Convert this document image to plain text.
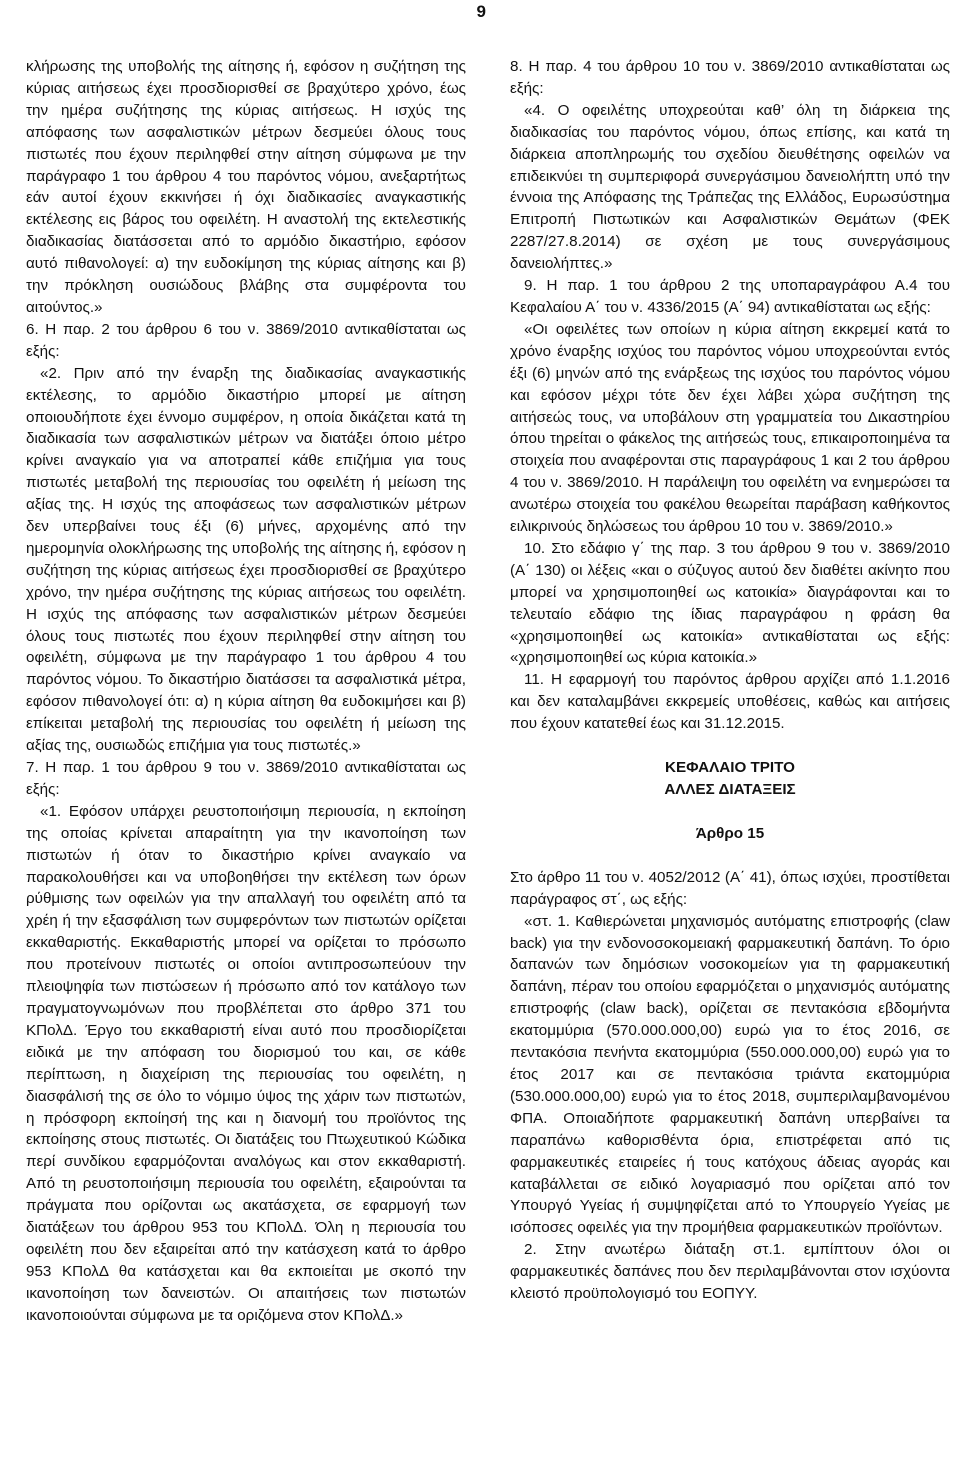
9

κλήρωσης της υποβολής της αίτησης ή, εφόσον η συζήτηση της κύριας αιτήσεως έχει προσδιορισθεί σε βραχύτερο χρόνο, έως την ημέρα συζήτησης της κύριας αιτήσεως. Η ισχύς της απόφασης των ασφαλιστικών μέτρων δεσμεύει όλους τους πιστωτές που έχουν περιληφθεί στην αίτηση σύμφωνα με την παράγραφο 1 του άρθρου 4 του παρόντος νόμου, ανεξαρτήτως εάν αυτοί έχουν εκκινήσει ή όχι διαδικασίες αναγκαστικής εκτέλεσης εις βάρος του οφειλέτη. Η αναστολή της εκτελεστικής διαδικασίας διατάσσεται από το αρμόδιο δικαστήριο, εφόσον αυτό πιθανολογεί: α) την ευδοκίμηση της κύριας αίτησης και β) την πρόκληση ουσιώδους βλάβης στα συμφέροντα του αιτούντος.»

6. Η παρ. 2 του άρθρου 6 του ν. 3869/2010 αντικαθίσταται ως εξής:

«2. Πριν από την έναρξη της διαδικασίας αναγκαστικής εκτέλεσης, το αρμόδιο δικαστήριο μπορεί με αίτηση οποιουδήποτε έχει έννομο συμφέρον, η οποία δικάζεται κατά τη διαδικασία των ασφαλιστικών μέτρων να διατάξει όποιο μέτρο κρίνει αναγκαίο για να αποτραπεί κάθε επιζήμια για τους πιστωτές μεταβολή της περιουσίας του οφειλέτη ή μείωση της αξίας της. Η ισχύς της αποφάσεως των ασφαλιστικών μέτρων δεν υπερβαίνει τους έξι (6) μήνες, αρχομένης από την ημερομηνία ολοκλήρωσης της υποβολής της αίτησης ή, εφόσον η συζήτηση της κύριας αιτήσεως έχει προσδιορισθεί σε βραχύτερο χρόνο, την ημέρα συζήτησης της κύριας αιτήσεως του οφειλέτη. Η ισχύς της απόφασης των ασφαλιστικών μέτρων δεσμεύει όλους τους πιστωτές που έχουν περιληφθεί στην αίτηση του οφειλέτη, σύμφωνα με την παράγραφο 1 του άρθρου 4 του παρόντος νόμου. Το δικαστήριο διατάσσει τα ασφαλιστικά μέτρα, εφόσον πιθανολογεί ότι: α) η κύρια αίτηση θα ευδοκιμήσει και β) επίκειται μεταβολή της περιουσίας του οφειλέτη ή μείωση της αξίας της, ουσιωδώς επιζήμια για τους πιστωτές.»

7. Η παρ. 1 του άρθρου 9 του ν. 3869/2010 αντικαθίσταται ως εξής:

«1. Εφόσον υπάρχει ρευστοποιήσιμη περιουσία, η εκποίηση της οποίας κρίνεται απαραίτητη για την ικανοποίηση των πιστωτών ή όταν το δικαστήριο κρίνει αναγκαίο να παρακολουθήσει και να υποβοηθήσει την εκτέλεση των όρων ρύθμισης των οφειλών για την απαλλαγή του οφειλέτη από τα χρέη ή την εξασφάλιση των συμφερόντων των πιστωτών ορίζεται εκκαθαριστής. Εκκαθαριστής μπορεί να ορίζεται το πρόσωπο που προτείνουν πιστωτές οι οποίοι αντιπροσωπεύουν την πλειοψηφία των πιστώσεων ή πρόσωπο από τον κατάλογο των πραγματογνωμόνων που προβλέπεται στο άρθρο 371 του ΚΠολΔ. Έργο του εκκαθαριστή είναι αυτό που προσδιορίζεται ειδικά με την απόφαση του διορισμού του και, σε κάθε περίπτωση, η διαχείριση της περιουσίας του οφειλέτη, η διασφάλισή της σε όλο το νόμιμο ύψος της χάριν των πιστωτών, η πρόσφορη εκποίησή της και η διανομή του προϊόντος της εκποίησης στους πιστωτές. Οι διατάξεις του Πτωχευτικού Κώδικα περί συνδίκου εφαρμόζονται αναλόγως και στον εκκαθαριστή. Από τη ρευστοποιήσιμη περιουσία του οφειλέτη, εξαιρούνται τα πράγματα που ορίζονται ως ακατάσχετα, σε εφαρμογή των διατάξεων του άρθρου 953 του ΚΠολΔ. Όλη η περιουσία του οφειλέτη που δεν εξαιρείται από την κατάσχεση κατά το άρθρο 953 ΚΠολΔ θα κατάσχεται και θα εκποιείται με σκοπό την ικανοποίηση των δανειστών. Οι απαιτήσεις των πιστωτών ικανοποιούνται σύμφωνα με τα οριζόμενα στον ΚΠολΔ.»

8. Η παρ. 4 του άρθρου 10 του ν. 3869/2010 αντικαθίσταται ως εξής:

«4. Ο οφειλέτης υποχρεούται καθ’ όλη τη διάρκεια της διαδικασίας του παρόντος νόμου, όπως επίσης, και κατά τη διάρκεια αποπληρωμής του σχεδίου διευθέτησης οφειλών να επιδεικνύει τη συμπεριφορά συνεργάσιμου δανειολήπτη υπό την έννοια της Απόφασης της Τράπεζας της Ελλάδος, Ευρωσύστημα Επιτροπή Πιστωτικών και Ασφαλιστικών Θεμάτων (ΦΕΚ 2287/27.8.2014) σε σχέση με τους συνεργάσιμους δανειολήπτες.»

9. Η παρ. 1 του άρθρου 2 της υποπαραγράφου Α.4 του Κεφαλαίου Α΄ του ν. 4336/2015 (Α΄ 94) αντικαθίσταται ως εξής:

«Οι οφειλέτες των οποίων η κύρια αίτηση εκκρεμεί κατά το χρόνο έναρξης ισχύος του παρόντος νόμου υποχρεούνται εντός έξι (6) μηνών από της ενάρξεως της ισχύος του παρόντος νόμου και εφόσον μέχρι τότε δεν έχει λάβει χώρα συζήτηση της αιτήσεώς τους, να υποβάλουν στη γραμματεία του Δικαστηρίου όπου τηρείται ο φάκελος της αιτήσεώς τους, επικαιροποιημένα τα στοιχεία που αναφέρονται στις παραγράφους 1 και 2 του άρθρου 4 του ν. 3869/2010. Η παράλειψη του οφειλέτη να ενημερώσει τα ανωτέρω στοιχεία του φακέλου θεωρείται παράβαση καθήκοντος ειλικρινούς δηλώσεως του άρθρου 10 του ν. 3869/2010.»

10. Στο εδάφιο γ΄ της παρ. 3 του άρθρου 9 του ν. 3869/2010 (Α΄ 130) οι λέξεις «και ο σύζυγος αυτού δεν διαθέτει ακίνητο που μπορεί να χρησιμοποιηθεί ως κατοικία» διαγράφονται και το τελευταίο εδάφιο της ίδιας παραγράφου η φράση θα «χρησιμοποιηθεί ως κατοικία» αντικαθίσταται ως εξής: «χρησιμοποιηθεί ως κύρια κατοικία.»

11. Η εφαρμογή του παρόντος άρθρου αρχίζει από 1.1.2016 και δεν καταλαμβάνει εκκρεμείς υποθέσεις, καθώς και αιτήσεις που έχουν κατατεθεί έως και 31.12.2015.

ΚΕΦΑΛΑΙΟ ΤΡΙΤΟ

ΑΛΛΕΣ ΔΙΑΤΑΞΕΙΣ

Άρθρο 15

Στο άρθρο 11 του ν. 4052/2012 (Α΄ 41), όπως ισχύει, προστίθεται παράγραφος στ΄, ως εξής:

«στ. 1. Καθιερώνεται μηχανισμός αυτόματης επιστροφής (claw back) για την ενδονοσοκομειακή φαρμακευτική δαπάνη. Το όριο δαπανών των δημόσιων νοσοκομείων για τη φαρμακευτική δαπάνη, πέραν του οποίου εφαρμόζεται ο μηχανισμός αυτόματης επιστροφής (claw back), ορίζεται σε πεντακόσια εβδομήντα εκατομμύρια (570.000.000,00) ευρώ για το έτος 2016, σε πεντακόσια πενήντα εκατομμύρια (550.000.000,00) ευρώ για το έτος 2017 και σε πεντακόσια τριάντα εκατομμύρια (530.000.000,00) ευρώ για το έτος 2018, συμπεριλαμβανομένου ΦΠΑ. Οποιαδήποτε φαρμακευτική δαπάνη υπερβαίνει τα παραπάνω καθορισθέντα όρια, επιστρέφεται από τις φαρμακευτικές εταιρείες ή τους κατόχους άδειας αγοράς και καταβάλλεται σε ειδικό λογαριασμό που ορίζεται από τον Υπουργό Υγείας ή συμψηφίζεται από το Υπουργείο Υγείας με ισόποσες οφειλές για την προμήθεια φαρμακευτικών προϊόντων.

2. Στην ανωτέρω διάταξη στ.1. εμπίπτουν όλοι οι φαρμακευτικές δαπάνες που δεν περιλαμβάνονται στον ισχύοντα κλειστό προϋπολογισμό του ΕΟΠΥΥ.
